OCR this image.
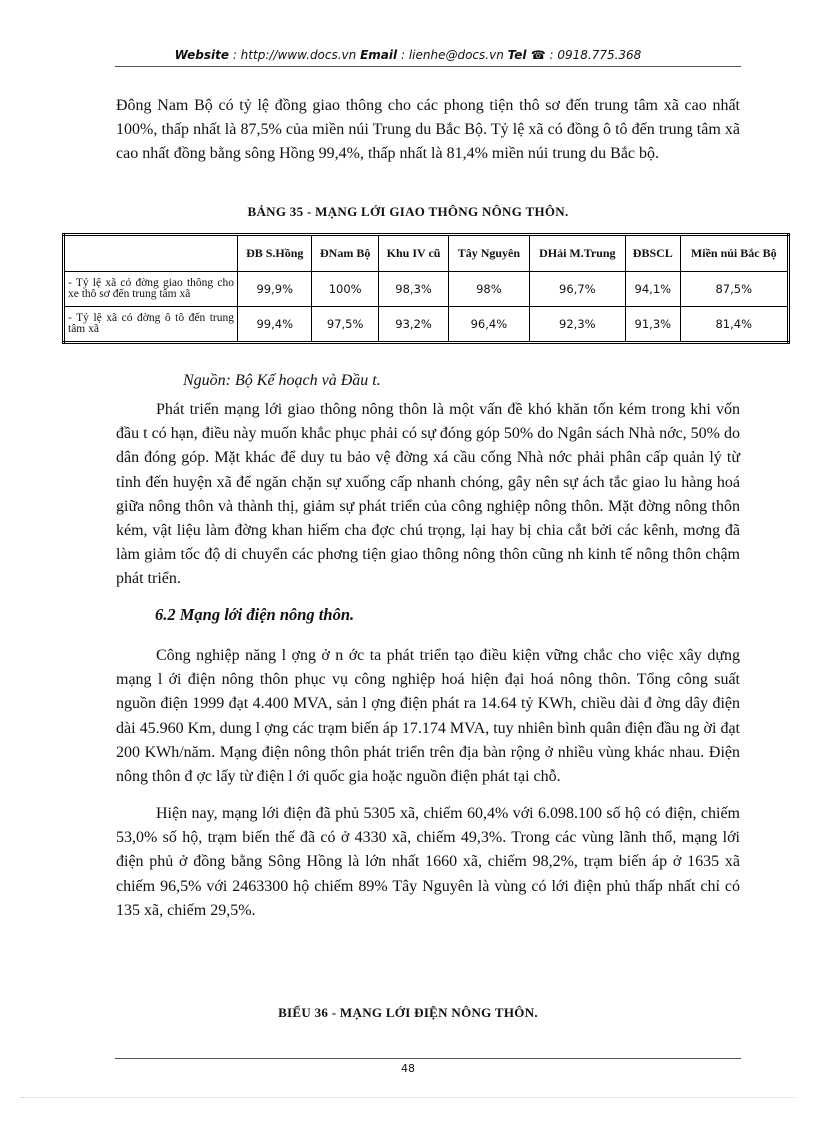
Website : http://www.docs.vn Email : lienhe@docs.vn Tel ☎ : 0918.775.368

Đông Nam Bộ có tỷ lệ đồng giao thông cho các phong tiện thô sơ đến trung tâm xã cao nhất 100%, thấp nhất là 87,5% của miền núi Trung du Bắc Bộ. Tỷ lệ xã có đồng ô tô đến trung tâm xã cao nhất đồng bằng sông Hồng 99,4%, thấp nhất là 81,4% miền núi trung du Bắc bộ.

BẢNG 35 - MẠNG LỚI GIAO THÔNG NÔNG THÔN.
	ĐB S.Hồng	ĐNam Bộ	Khu IV cũ	Tây Nguyên	DHải M.Trung	ĐBSCL	Miền núi Bắc Bộ
- Tỷ lệ xã có đờng giao thông cho xe thô sơ đến trung tâm xã	99,9%	100%	98,3%	98%	96,7%	94,1%	87,5%
- Tỷ lệ xã có đờng ô tô đến trung tâm xã	99,4%	97,5%	93,2%	96,4%	92,3%	91,3%	81,4%
Nguồn: Bộ Kế hoạch và Đầu t.

Phát triển mạng lới giao thông nông thôn là một vấn đề khó khăn tốn kém trong khi vốn đầu t có hạn, điều này muốn khắc phục phải có sự đóng góp 50% do Ngân sách Nhà nớc, 50% do dân đóng góp. Mặt khác để duy tu bảo vệ đờng xá cầu cống Nhà nớc phải phân cấp quản lý từ tỉnh đến huyện xã để ngăn chặn sự xuống cấp nhanh chóng, gây nên sự ách tắc giao lu hàng hoá giữa nông thôn và thành thị, giảm sự phát triển của công nghiệp nông thôn. Mặt đờng nông thôn kém, vật liệu làm đờng khan hiếm cha đợc chú trọng, lại hay bị chia cắt bởi các kênh, mơng đã làm giảm tốc độ di chuyển các phơng tiện giao thông nông thôn cũng nh kinh tế nông thôn chậm phát triển.

6.2 Mạng lới điện nông thôn.

Công nghiệp năng l ợng ở n ớc ta phát triển tạo điều kiện vững chắc cho việc xây dựng mạng l ới điện nông thôn phục vụ công nghiệp hoá hiện đại hoá nông thôn. Tổng công suất nguồn điện 1999 đạt 4.400 MVA, sản l ợng điện phát ra 14.64 tỷ KWh, chiều dài đ ờng dây điện dài 45.960 Km, dung l ợng các trạm biến áp 17.174 MVA, tuy nhiên bình quân điện đầu ng ời đạt 200 KWh/năm. Mạng điện nông thôn phát triển trên địa bàn rộng ở nhiều vùng khác nhau. Điện nông thôn đ ợc lấy từ điện l ới quốc gia hoặc nguồn điện phát tại chỗ.

Hiện nay, mạng lới điện đã phủ 5305 xã, chiếm 60,4% với 6.098.100 số hộ có điện, chiếm 53,0% số hộ, trạm biến thế đã có ở 4330 xã, chiếm 49,3%. Trong các vùng lãnh thổ, mạng lới điện phủ ở đồng bằng Sông Hồng là lớn nhất 1660 xã, chiếm 98,2%, trạm biến áp ở 1635 xã chiếm 96,5% với 2463300 hộ chiếm 89% Tây Nguyên là vùng có lới điện phủ thấp nhất chỉ có 135 xã, chiếm 29,5%.

BIỂU 36 - MẠNG LỚI ĐIỆN NÔNG THÔN.
48
